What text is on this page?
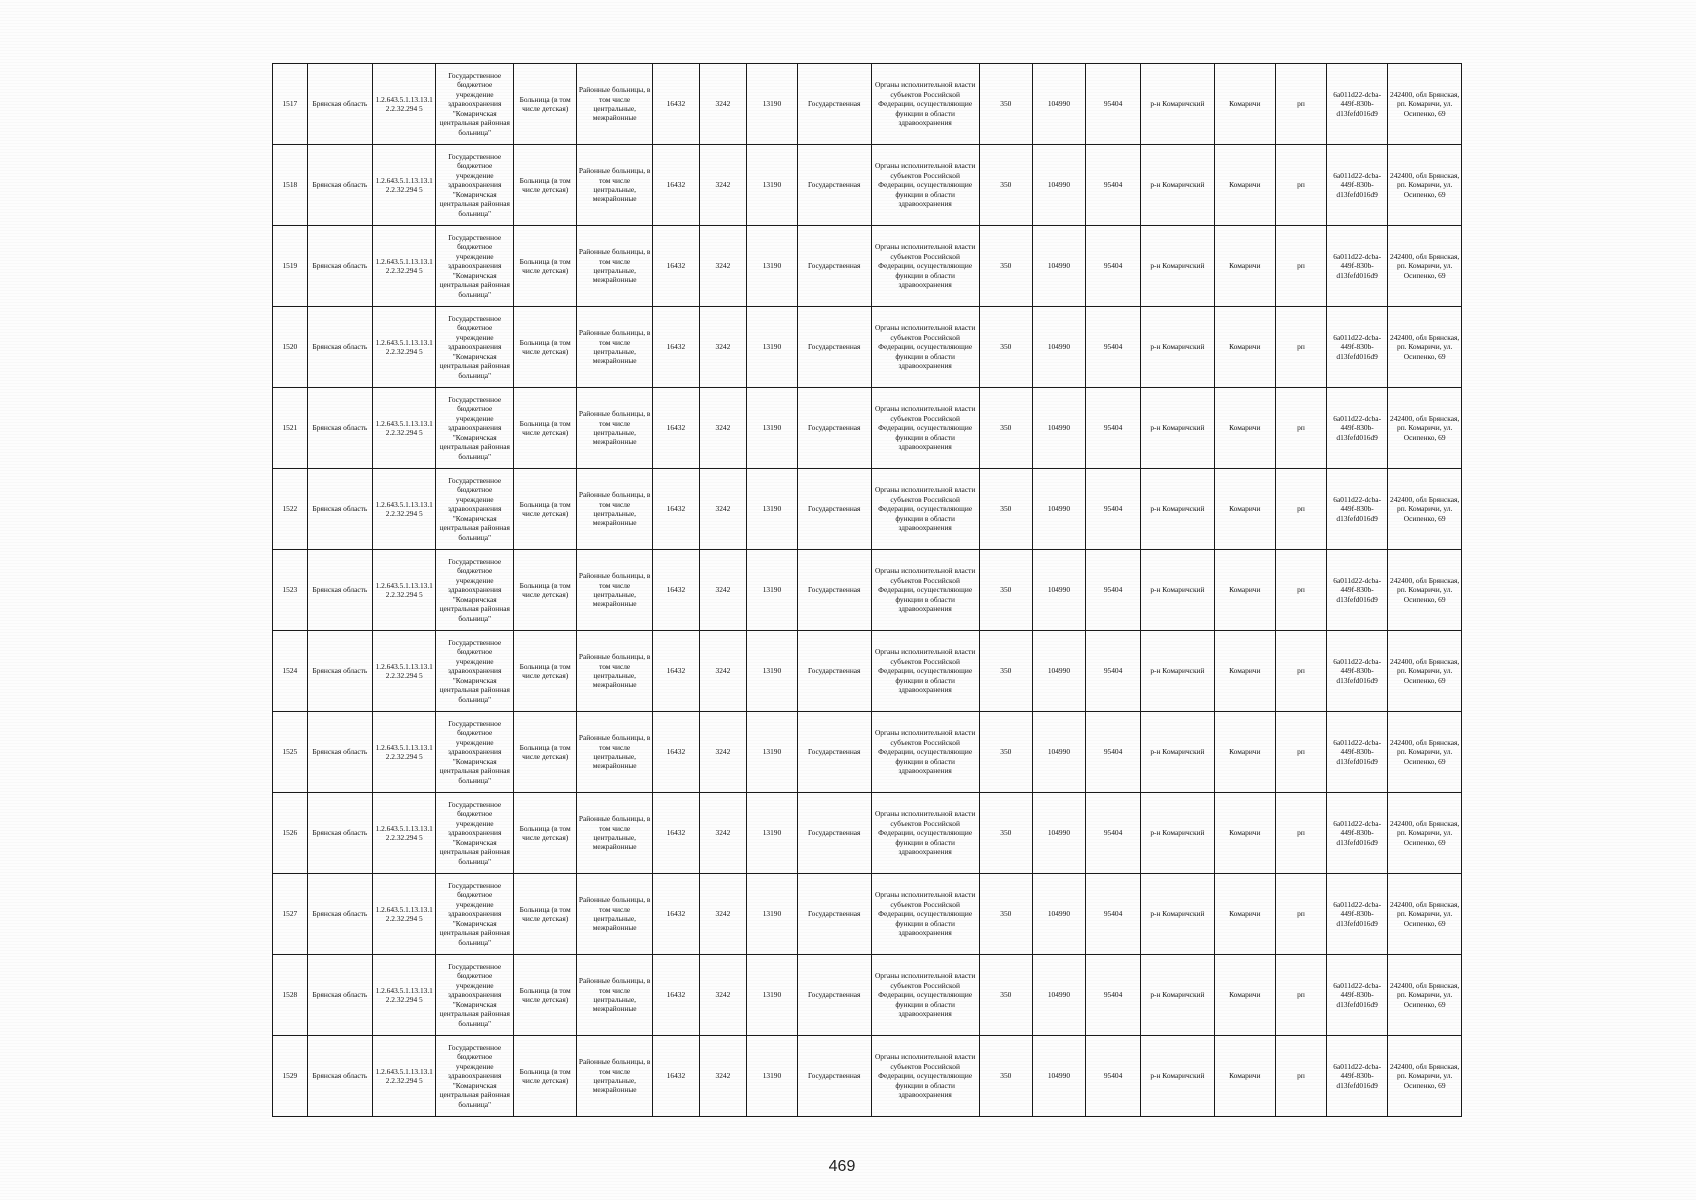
1517	Брянская область	1.2.643.5.1.13.13.12.2.32.294 5	Государственное бюджетное учреждение здравоохранения "Комаричская центральная районная больница"	Больница (в том числе детская)	Районные больницы, в том числе центральные, межрайонные	16432	3242	13190	Государственная	Органы исполнительной власти субъектов Российской Федерации, осуществляющие функции в области здравоохранения	350	104990	95404	р-н Комаричский	Комаричи	рп	6a011d22-dcba-449f-830b-d13fefd016d9	242400, обл Брянская, рп. Комаричи, ул. Осипенко, 69
1518	Брянская область	1.2.643.5.1.13.13.12.2.32.294 5	Государственное бюджетное учреждение здравоохранения "Комаричская центральная районная больница"	Больница (в том числе детская)	Районные больницы, в том числе центральные, межрайонные	16432	3242	13190	Государственная	Органы исполнительной власти субъектов Российской Федерации, осуществляющие функции в области здравоохранения	350	104990	95404	р-н Комаричский	Комаричи	рп	6a011d22-dcba-449f-830b-d13fefd016d9	242400, обл Брянская, рп. Комаричи, ул. Осипенко, 69
1519	Брянская область	1.2.643.5.1.13.13.12.2.32.294 5	Государственное бюджетное учреждение здравоохранения "Комаричская центральная районная больница"	Больница (в том числе детская)	Районные больницы, в том числе центральные, межрайонные	16432	3242	13190	Государственная	Органы исполнительной власти субъектов Российской Федерации, осуществляющие функции в области здравоохранения	350	104990	95404	р-н Комаричский	Комаричи	рп	6a011d22-dcba-449f-830b-d13fefd016d9	242400, обл Брянская, рп. Комаричи, ул. Осипенко, 69
1520	Брянская область	1.2.643.5.1.13.13.12.2.32.294 5	Государственное бюджетное учреждение здравоохранения "Комаричская центральная районная больница"	Больница (в том числе детская)	Районные больницы, в том числе центральные, межрайонные	16432	3242	13190	Государственная	Органы исполнительной власти субъектов Российской Федерации, осуществляющие функции в области здравоохранения	350	104990	95404	р-н Комаричский	Комаричи	рп	6a011d22-dcba-449f-830b-d13fefd016d9	242400, обл Брянская, рп. Комаричи, ул. Осипенко, 69
1521	Брянская область	1.2.643.5.1.13.13.12.2.32.294 5	Государственное бюджетное учреждение здравоохранения "Комаричская центральная районная больница"	Больница (в том числе детская)	Районные больницы, в том числе центральные, межрайонные	16432	3242	13190	Государственная	Органы исполнительной власти субъектов Российской Федерации, осуществляющие функции в области здравоохранения	350	104990	95404	р-н Комаричский	Комаричи	рп	6a011d22-dcba-449f-830b-d13fefd016d9	242400, обл Брянская, рп. Комаричи, ул. Осипенко, 69
1522	Брянская область	1.2.643.5.1.13.13.12.2.32.294 5	Государственное бюджетное учреждение здравоохранения "Комаричская центральная районная больница"	Больница (в том числе детская)	Районные больницы, в том числе центральные, межрайонные	16432	3242	13190	Государственная	Органы исполнительной власти субъектов Российской Федерации, осуществляющие функции в области здравоохранения	350	104990	95404	р-н Комаричский	Комаричи	рп	6a011d22-dcba-449f-830b-d13fefd016d9	242400, обл Брянская, рп. Комаричи, ул. Осипенко, 69
1523	Брянская область	1.2.643.5.1.13.13.12.2.32.294 5	Государственное бюджетное учреждение здравоохранения "Комаричская центральная районная больница"	Больница (в том числе детская)	Районные больницы, в том числе центральные, межрайонные	16432	3242	13190	Государственная	Органы исполнительной власти субъектов Российской Федерации, осуществляющие функции в области здравоохранения	350	104990	95404	р-н Комаричский	Комаричи	рп	6a011d22-dcba-449f-830b-d13fefd016d9	242400, обл Брянская, рп. Комаричи, ул. Осипенко, 69
1524	Брянская область	1.2.643.5.1.13.13.12.2.32.294 5	Государственное бюджетное учреждение здравоохранения "Комаричская центральная районная больница"	Больница (в том числе детская)	Районные больницы, в том числе центральные, межрайонные	16432	3242	13190	Государственная	Органы исполнительной власти субъектов Российской Федерации, осуществляющие функции в области здравоохранения	350	104990	95404	р-н Комаричский	Комаричи	рп	6a011d22-dcba-449f-830b-d13fefd016d9	242400, обл Брянская, рп. Комаричи, ул. Осипенко, 69
1525	Брянская область	1.2.643.5.1.13.13.12.2.32.294 5	Государственное бюджетное учреждение здравоохранения "Комаричская центральная районная больница"	Больница (в том числе детская)	Районные больницы, в том числе центральные, межрайонные	16432	3242	13190	Государственная	Органы исполнительной власти субъектов Российской Федерации, осуществляющие функции в области здравоохранения	350	104990	95404	р-н Комаричский	Комаричи	рп	6a011d22-dcba-449f-830b-d13fefd016d9	242400, обл Брянская, рп. Комаричи, ул. Осипенко, 69
1526	Брянская область	1.2.643.5.1.13.13.12.2.32.294 5	Государственное бюджетное учреждение здравоохранения "Комаричская центральная районная больница"	Больница (в том числе детская)	Районные больницы, в том числе центральные, межрайонные	16432	3242	13190	Государственная	Органы исполнительной власти субъектов Российской Федерации, осуществляющие функции в области здравоохранения	350	104990	95404	р-н Комаричский	Комаричи	рп	6a011d22-dcba-449f-830b-d13fefd016d9	242400, обл Брянская, рп. Комаричи, ул. Осипенко, 69
1527	Брянская область	1.2.643.5.1.13.13.12.2.32.294 5	Государственное бюджетное учреждение здравоохранения "Комаричская центральная районная больница"	Больница (в том числе детская)	Районные больницы, в том числе центральные, межрайонные	16432	3242	13190	Государственная	Органы исполнительной власти субъектов Российской Федерации, осуществляющие функции в области здравоохранения	350	104990	95404	р-н Комаричский	Комаричи	рп	6a011d22-dcba-449f-830b-d13fefd016d9	242400, обл Брянская, рп. Комаричи, ул. Осипенко, 69
1528	Брянская область	1.2.643.5.1.13.13.12.2.32.294 5	Государственное бюджетное учреждение здравоохранения "Комаричская центральная районная больница"	Больница (в том числе детская)	Районные больницы, в том числе центральные, межрайонные	16432	3242	13190	Государственная	Органы исполнительной власти субъектов Российской Федерации, осуществляющие функции в области здравоохранения	350	104990	95404	р-н Комаричский	Комаричи	рп	6a011d22-dcba-449f-830b-d13fefd016d9	242400, обл Брянская, рп. Комаричи, ул. Осипенко, 69
1529	Брянская область	1.2.643.5.1.13.13.12.2.32.294 5	Государственное бюджетное учреждение здравоохранения "Комаричская центральная районная больница"	Больница (в том числе детская)	Районные больницы, в том числе центральные, межрайонные	16432	3242	13190	Государственная	Органы исполнительной власти субъектов Российской Федерации, осуществляющие функции в области здравоохранения	350	104990	95404	р-н Комаричский	Комаричи	рп	6a011d22-dcba-449f-830b-d13fefd016d9	242400, обл Брянская, рп. Комаричи, ул. Осипенко, 69
469
